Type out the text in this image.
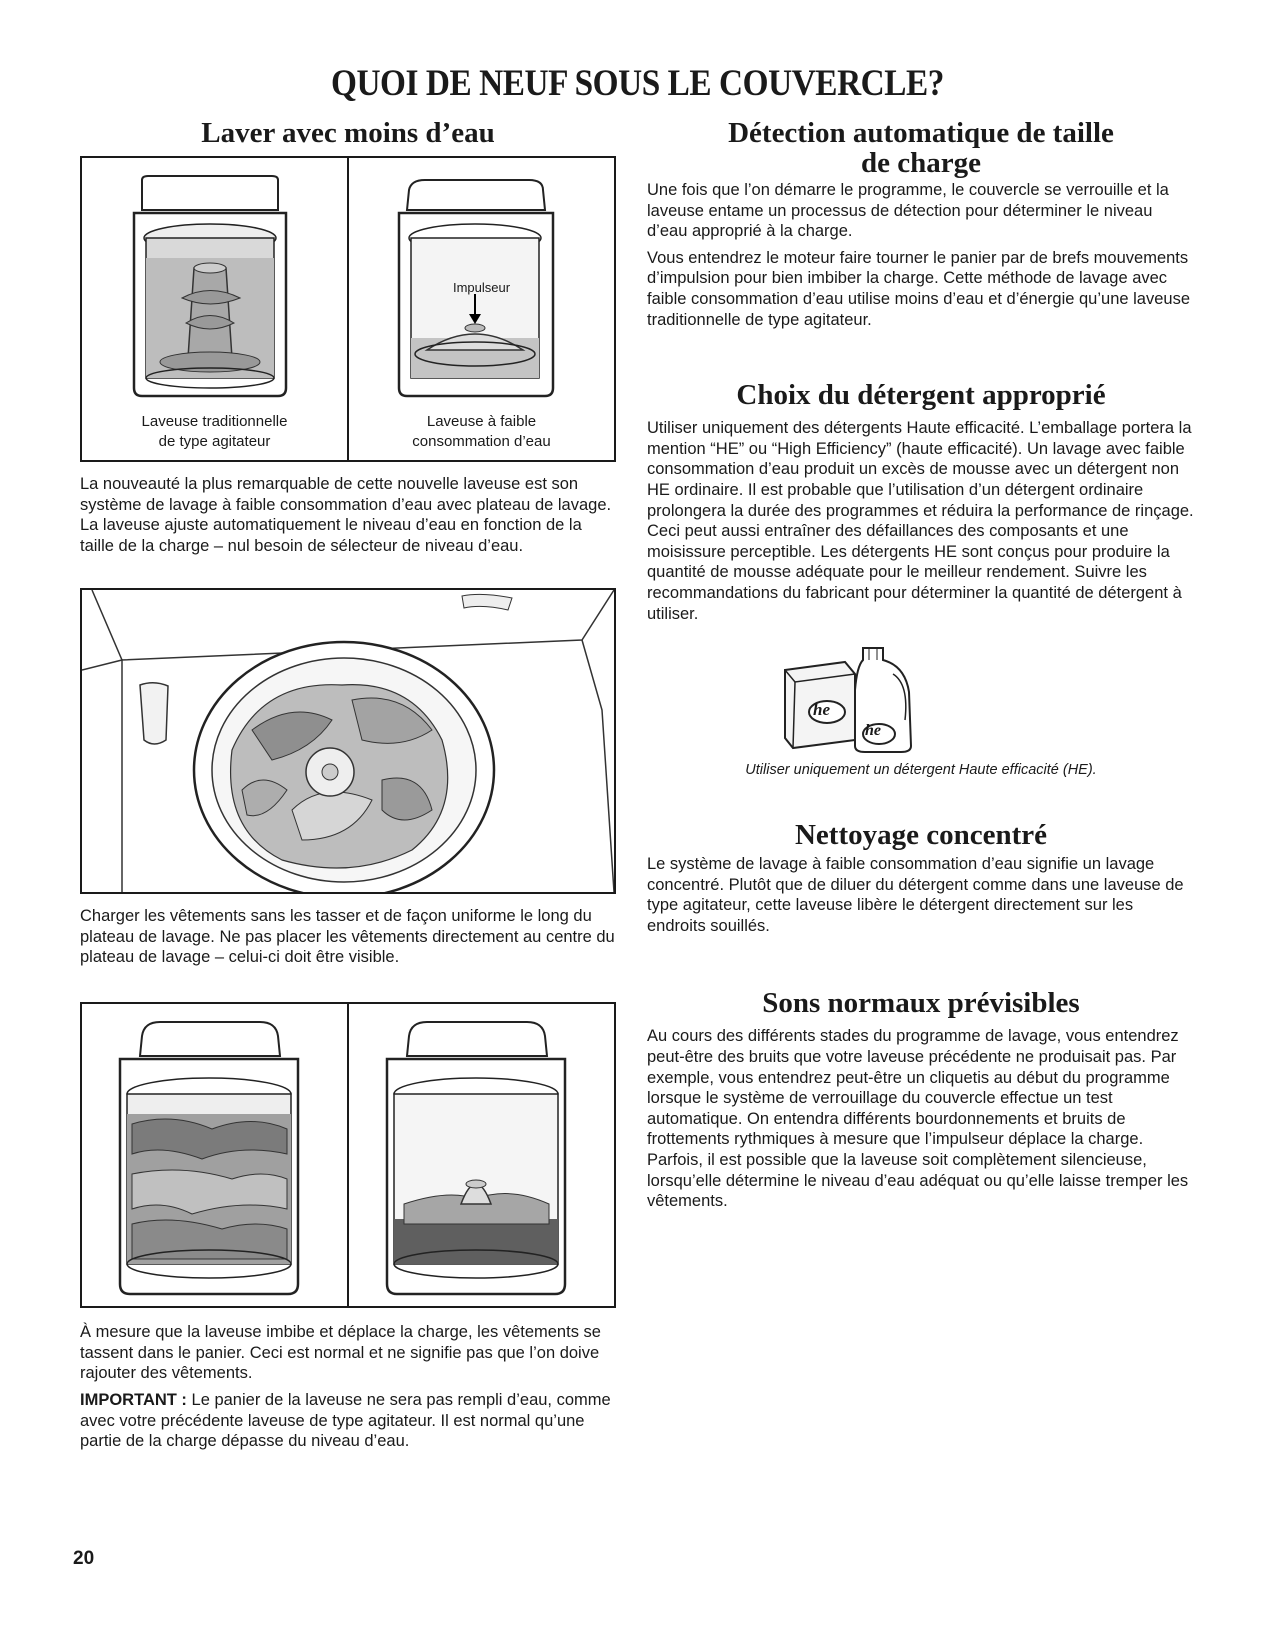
QUOI DE NEUF SOUS LE COUVERCLE?
Laver avec moins d’eau

Laveuse traditionnelle

de type agitateur

Impulseur

Laveuse à faible

consommation d’eau

La nouveauté la plus remarquable de cette nouvelle laveuse est son système de lavage à faible consommation d’eau avec plateau de lavage. La laveuse ajuste automatiquement le niveau d’eau en fonction de la taille de la charge – nul besoin de sélecteur de niveau d’eau.

Charger les vêtements sans les tasser et de façon uniforme le long du plateau de lavage. Ne pas placer les vêtements directement au centre du plateau de lavage – celui-ci doit être visible.

À mesure que la laveuse imbibe et déplace la charge, les vêtements se tassent dans le panier. Ceci est normal et ne signifie pas que l’on doive rajouter des vêtements.

IMPORTANT : Le panier de la laveuse ne sera pas rempli d’eau, comme avec votre précédente laveuse de type agitateur. Il est normal qu’une partie de la charge dépasse du niveau d’eau.

Détection automatique de taille
de charge

Une fois que l’on démarre le programme, le couvercle se verrouille et la laveuse entame un processus de détection pour déterminer le niveau d’eau approprié à la charge.

Vous entendrez le moteur faire tourner le panier par de brefs mouvements d’impulsion pour bien imbiber la charge. Cette méthode de lavage avec faible consommation d’eau utilise moins d’eau et d’énergie qu’une laveuse traditionnelle de type agitateur.

Choix du détergent approprié

Utiliser uniquement des détergents Haute efficacité. L’emballage portera la mention “HE” ou “High Efficiency” (haute efficacité). Un lavage avec faible consommation d’eau produit un excès de mousse avec un détergent non HE ordinaire. Il est probable que l’utilisation d’un détergent ordinaire prolongera la durée des programmes et réduira la performance de rinçage. Ceci peut aussi entraîner des défaillances des composants et une moisissure perceptible. Les détergents HE sont conçus pour produire la quantité de mousse adéquate pour le meilleur rendement. Suivre les recommandations du fabricant pour déterminer la quantité de détergent à utiliser.

he
he

Utiliser uniquement un détergent Haute efficacité (HE).

Nettoyage concentré

Le système de lavage à faible consommation d’eau signifie un lavage concentré. Plutôt que de diluer du détergent comme dans une laveuse de type agitateur, cette laveuse libère le détergent directement sur les endroits souillés.

Sons normaux prévisibles

Au cours des différents stades du programme de lavage, vous entendrez peut-être des bruits que votre laveuse précédente ne produisait pas. Par exemple, vous entendrez peut-être un cliquetis au début du programme lorsque le système de verrouillage du couvercle effectue un test automatique. On entendra différents bourdonnements et bruits de frottements rythmiques à mesure que l’impulseur déplace la charge. Parfois, il est possible que la laveuse soit complètement silencieuse, lorsqu’elle détermine le niveau d’eau adéquat ou qu’elle laisse tremper les vêtements.

20
